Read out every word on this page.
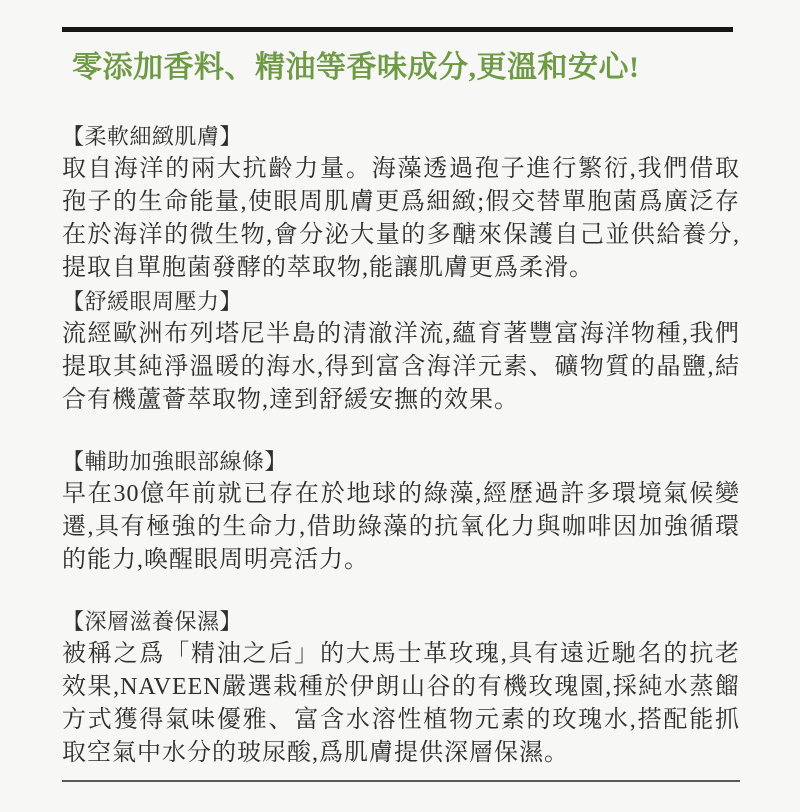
零添加香料、精油等香味成分,更溫和安心!
【柔軟細緻肌膚】

取自海洋的兩大抗齡力量。海藻透過孢子進行繁衍,我們借取孢子的生命能量,使眼周肌膚更爲細緻;假交替單胞菌爲廣泛存在於海洋的微生物,會分泌大量的多醣來保護自己並供給養分,提取自單胞菌發酵的萃取物,能讓肌膚更爲柔滑。

【舒緩眼周壓力】

流經歐洲布列塔尼半島的清澈洋流,蘊育著豐富海洋物種,我們提取其純淨溫暖的海水,得到富含海洋元素、礦物質的晶鹽,結合有機蘆薈萃取物,達到舒緩安撫的效果。

【輔助加強眼部線條】

早在30億年前就已存在於地球的綠藻,經歷過許多環境氣候變遷,具有極強的生命力,借助綠藻的抗氧化力與咖啡因加強循環的能力,喚醒眼周明亮活力。

【深層滋養保濕】

被稱之爲「精油之后」的大馬士革玫瑰,具有遠近馳名的抗老效果,NAVEEN嚴選栽種於伊朗山谷的有機玫瑰園,採純水蒸餾方式獲得氣味優雅、富含水溶性植物元素的玫瑰水,搭配能抓取空氣中水分的玻尿酸,爲肌膚提供深層保濕。
